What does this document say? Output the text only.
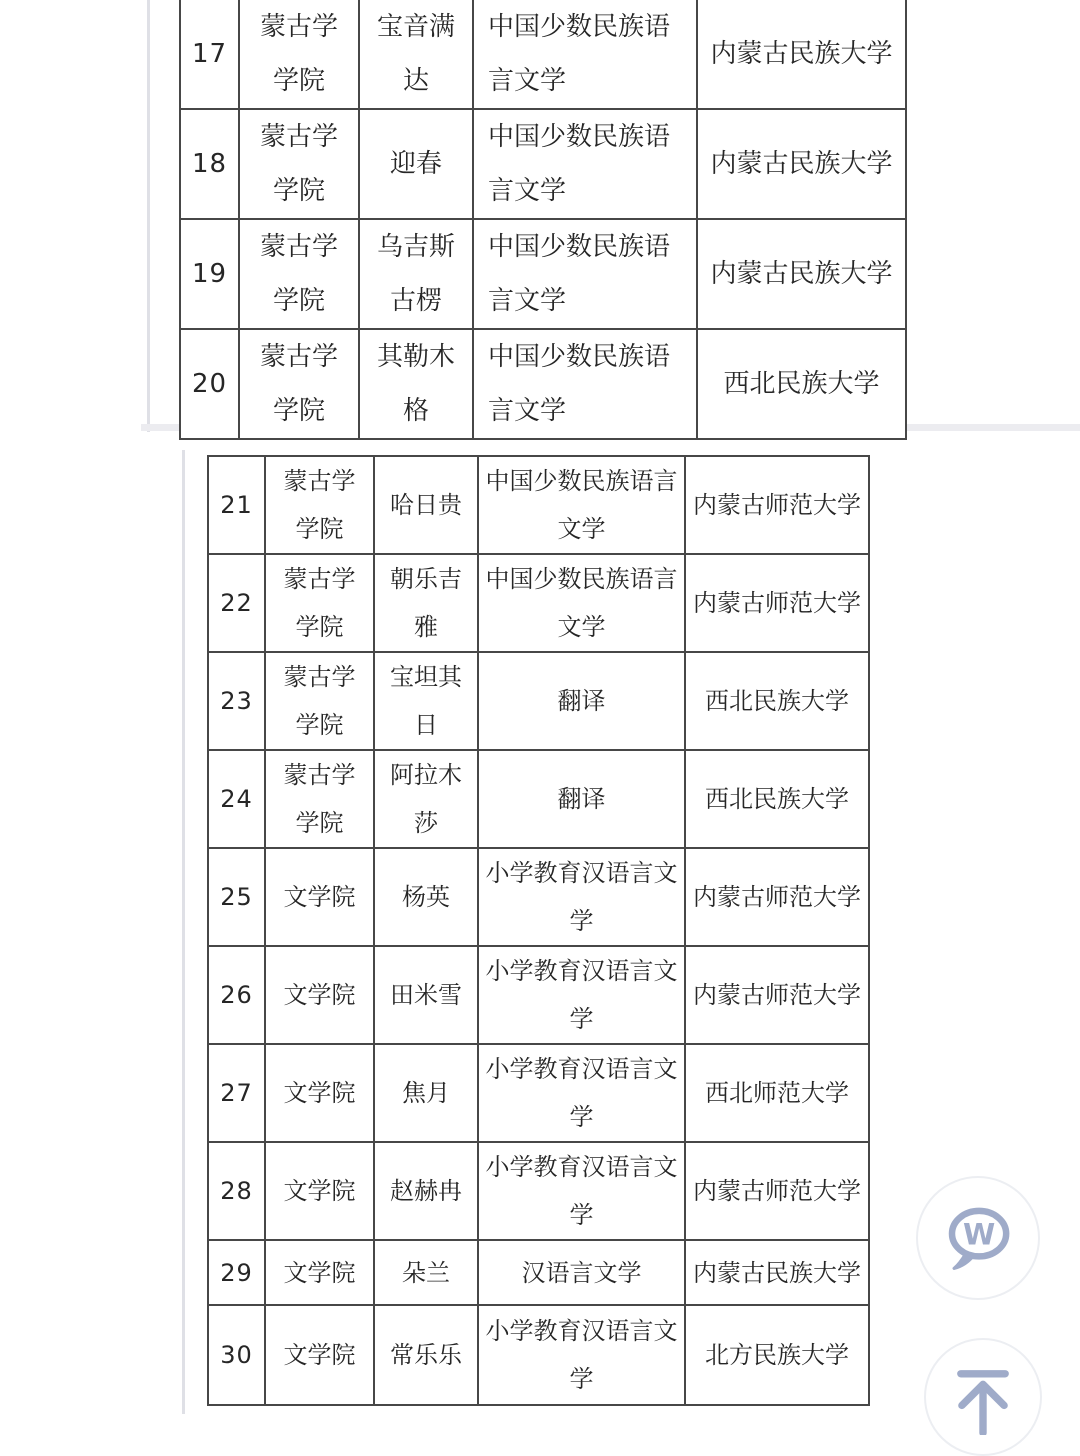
17	蒙古学学院	宝音满达	中国少数民族语言文学	内蒙古民族大学
18	蒙古学学院	迎春	中国少数民族语言文学	内蒙古民族大学
19	蒙古学学院	乌吉斯古楞	中国少数民族语言文学	内蒙古民族大学
20	蒙古学学院	其勒木格	中国少数民族语言文学	西北民族大学
21	蒙古学学院	哈日贵	中国少数民族语言文学	内蒙古师范大学
22	蒙古学学院	朝乐吉雅	中国少数民族语言文学	内蒙古师范大学
23	蒙古学学院	宝坦其日	翻译	西北民族大学
24	蒙古学学院	阿拉木莎	翻译	西北民族大学
25	文学院	杨英	小学教育汉语言文学	内蒙古师范大学
26	文学院	田米雪	小学教育汉语言文学	内蒙古师范大学
27	文学院	焦月	小学教育汉语言文学	西北师范大学
28	文学院	赵赫冉	小学教育汉语言文学	内蒙古师范大学
29	文学院	朵兰	汉语言文学	内蒙古民族大学
30	文学院	常乐乐	小学教育汉语言文学	北方民族大学
W
